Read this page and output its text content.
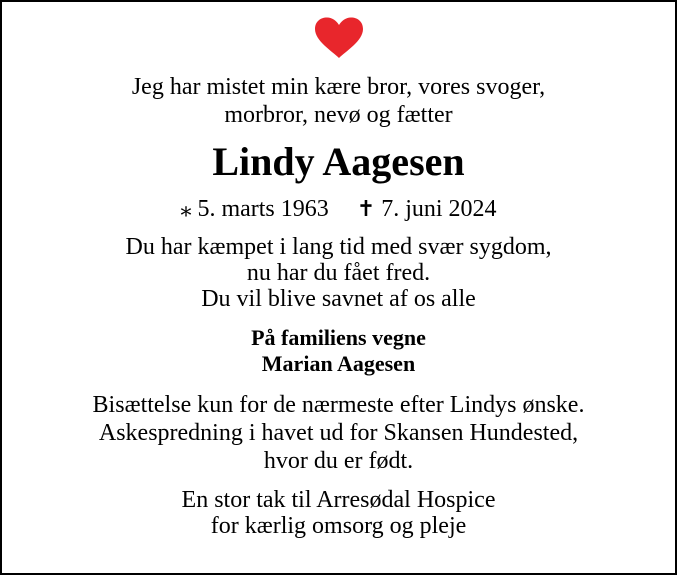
Jeg har mistet min kære bror, vores svoger,
morbror, nevø og fætter
Lindy Aagesen
⁎ 5. marts 1963 ✝ 7. juni 2024
Du har kæmpet i lang tid med svær sygdom,
nu har du fået fred.
Du vil blive savnet af os alle
På familiens vegne
Marian Aagesen
Bisættelse kun for de nærmeste efter Lindys ønske.
Askespredning i havet ud for Skansen Hundested,
hvor du er født.
En stor tak til Arresødal Hospice
for kærlig omsorg og pleje
